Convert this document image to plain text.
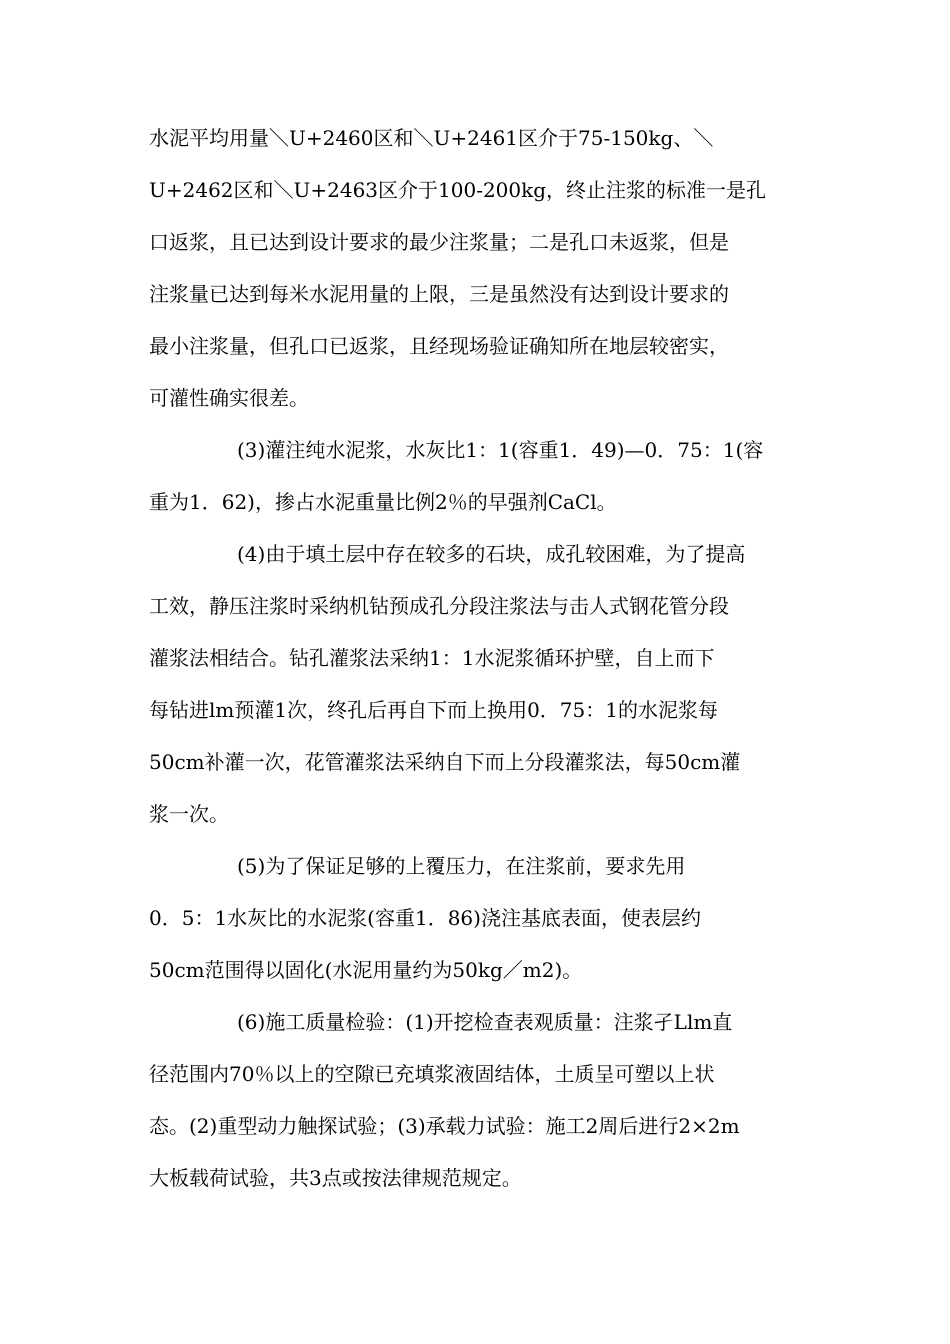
水泥平均用量＼U+2460区和＼U+2461区介于75-150kg、＼
U+2462区和＼U+2463区介于100-200kg，终止注浆的标准一是孔
口返浆，且已达到设计要求的最少注浆量；二是孔口未返浆，但是
注浆量已达到每米水泥用量的上限，三是虽然没有达到设计要求的
最小注浆量，但孔口已返浆，且经现场验证确知所在地层较密实，
可灌性确实很差。
(3)灌注纯水泥浆，水灰比1：1(容重1．49)—0．75：1(容
重为1．62)，掺占水泥重量比例2％的早强剂CaCl。
(4)由于填土层中存在较多的石块，成孔较困难，为了提高
工效，静压注浆时采纳机钻预成孔分段注浆法与击人式钢花管分段
灌浆法相结合。钻孔灌浆法采纳1：1水泥浆循环护壁，自上而下
每钻进lm预灌1次，终孔后再自下而上换用0．75：1的水泥浆每
50cm补灌一次，花管灌浆法采纳自下而上分段灌浆法，每50cm灌
浆一次。
(5)为了保证足够的上覆压力，在注浆前，要求先用
0．5：1水灰比的水泥浆(容重1．86)浇注基底表面，使表层约
50cm范围得以固化(水泥用量约为50kg／m2)。
(6)施工质量检验：(1)开挖检查表观质量：注浆孑Llm直
径范围内70％以上的空隙已充填浆液固结体，土质呈可塑以上状
态。(2)重型动力触探试验；(3)承载力试验：施工2周后进行2×2m
大板载荷试验，共3点或按法律规范规定。
